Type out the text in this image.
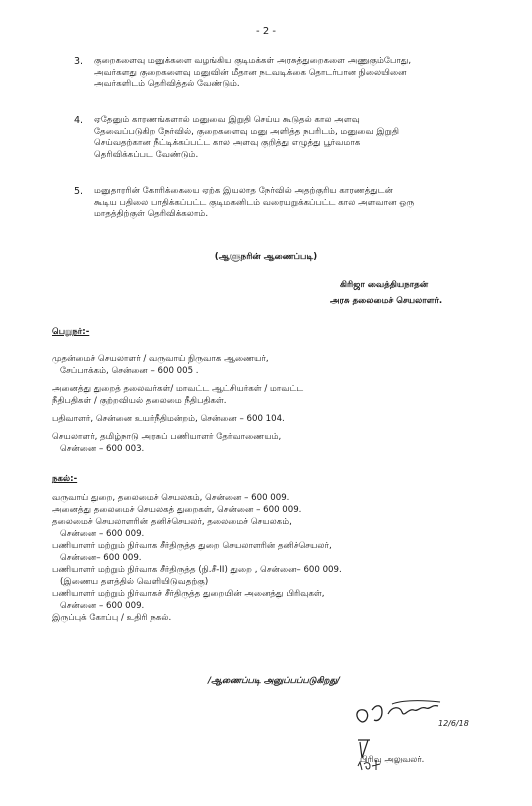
- 2 -
3. குறைகளைவு மனுக்களை வழங்கிய குடிமக்கள் அரசுத்துறைகளை அணுகும்போது,
அவர்களது குறைகளைவு மனுவின் மீதான நடவடிக்கை தொடர்பான நிலையினை
அவர்களிடம் தெரிவித்தல் வேண்டும்.
4. ஏதேனும் காரணங்களால் மனுவை இறுதி செய்ய கூடுதல் கால அளவு
தேவைப்படுகிற நேர்வில், குறைகளைவு மனு அளித்த நபரிடம், மனுவை இறுதி
செய்வதற்கான நீட்டிக்கப்பட்ட கால அளவு குறித்து எழுத்து பூர்வமாக
தெரிவிக்கப்பட வேண்டும்.
5. மனுதாரரின் கோரிக்கையை ஏற்க இயலாத நேர்வில் அதற்குரிய காரணத்துடன்
கூடிய பதிலை பாதிக்கப்பட்ட குடிமகனிடம் வரையறுக்கப்பட்ட கால அளவான ஒரு
மாதத்திற்குள் தெரிவிக்கலாம்.
(ஆளுநரின் ஆணைப்படி)
கிரிஜா வைத்தியநாதன்
அரசு தலைமைச் செயலாளர்.
பெறுநர்:-
முதன்மைச் செயலாளர் / வருவாய் நிருவாக ஆணையர்,
சேப்பாக்கம், சென்னை – 600 005 .
அனைத்து துறைத் தலைவர்கள்/ மாவட்ட ஆட்சியர்கள் / மாவட்ட
நீதிபதிகள் / குற்றவியல் தலைமை நீதிபதிகள்.
பதிவாளர், சென்னை உயர்நீதிமன்றம், சென்னை – 600 104.
செயலாளர், தமிழ்நாடு அரசுப் பணியாளர் தேர்வாணையம்,
சென்னை – 600 003.
நகல்:-
வருவாய் துறை, தலைமைச் செயலகம், சென்னை – 600 009.
அனைத்து தலைமைச் செயலகத் துறைகள், சென்னை – 600 009.
தலைமைச் செயலாளரின் தனிச்செயலர், தலைமைச் செயலகம்,
சென்னை – 600 009.
பணியாளர் மற்றும் நிர்வாக சீர்திருத்த துறை செயலாளரின் தனிச்செயலர்,
சென்னை– 600 009.
பணியாளர் மற்றும் நிர்வாக சீர்திருத்த (நி.சீ-II) துறை , சென்னை– 600 009.
(இணைய தளத்தில் வெளியிடுவதற்கு)
பணியாளர் மற்றும் நிர்வாகச் சீர்திருத்த துறையின் அனைத்து பிரிவுகள்,
சென்னை – 600 009.
இருப்புக் கோப்பு / உதிரி நகல்.
/ஆணைப்படி அனுப்பப்படுகிறது/
12/6/18
பிரிவு அலுவலர்.
